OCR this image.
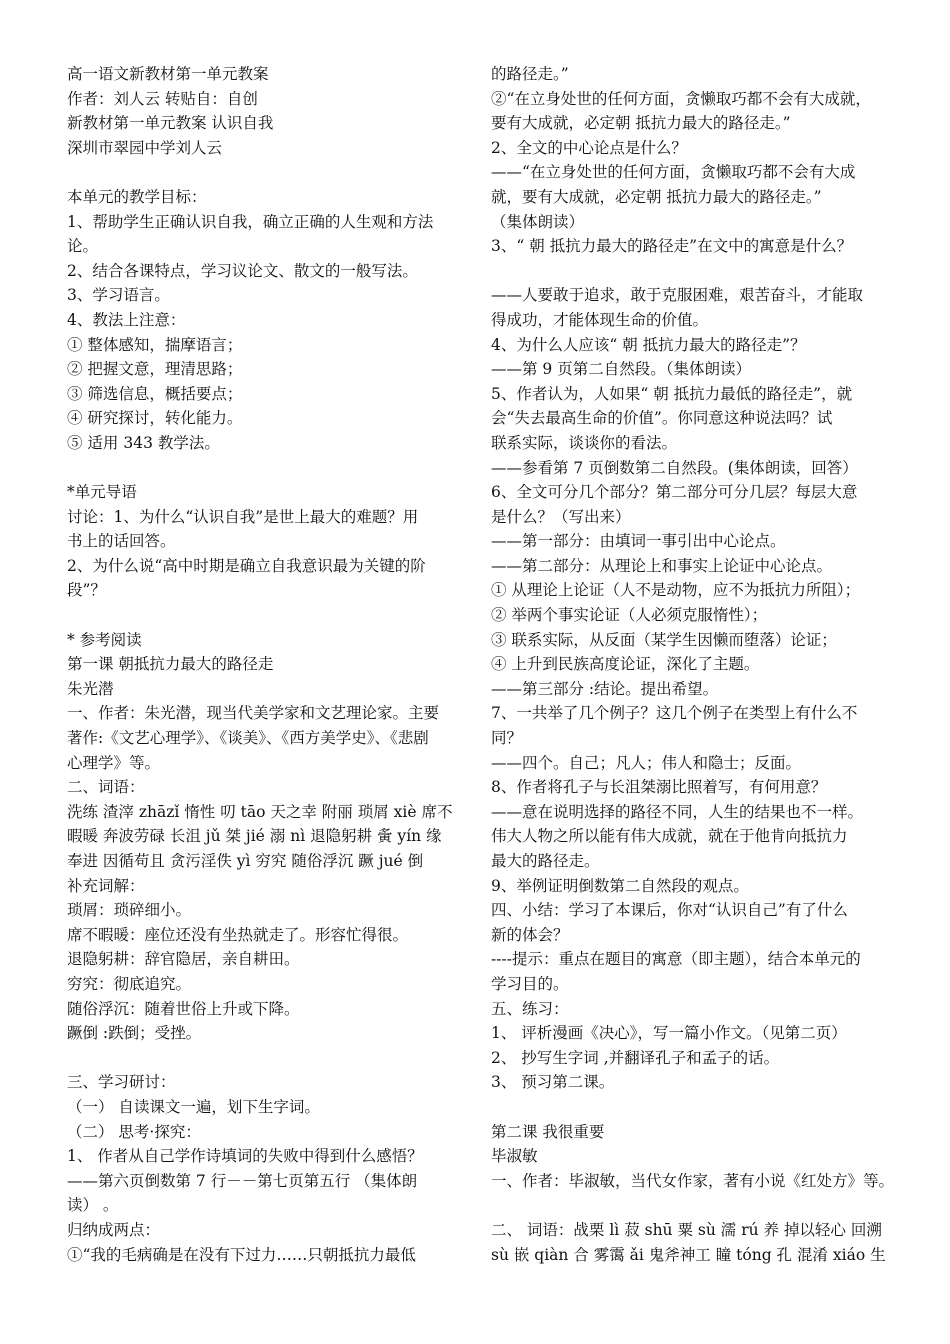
高一语文新教材第一单元教案
作者：刘人云 转贴自：自创
新教材第一单元教案 认识自我
深圳市翠园中学刘人云
本单元的教学目标：
1、帮助学生正确认识自我，确立正确的人生观和方法
论。
2、结合各课特点，学习议论文、散文的一般写法。
3、学习语言。
4、教法上注意：
① 整体感知，揣摩语言；
② 把握文意，理清思路；
③ 筛选信息，概括要点；
④ 研究探讨，转化能力。
⑤ 适用 343 教学法。
*单元导语
讨论：1、为什么“认识自我”是世上最大的难题？用
书上的话回答。
2、为什么说“高中时期是确立自我意识最为关键的阶
段”？
* 参考阅读
第一课 朝抵抗力最大的路径走
朱光潜
一、作者：朱光潜，现当代美学家和文艺理论家。主要
著作:《文艺心理学》、《谈美》、《西方美学史》、《悲剧
心理学》等。
二、词语：
洗练 渣滓 zhāzǐ 惰性 叨 tāo 天之幸 附丽 琐屑 xiè 席不
暇暖 奔波劳碌 长沮 jǔ 桀 jié 溺 nì 退隐躬耕 夤 yín 缘
奉进 因循苟且 贪污淫佚 yì 穷究 随俗浮沉 蹶 jué 倒
补充词解：
琐屑：琐碎细小。
席不暇暖：座位还没有坐热就走了。形容忙得很。
退隐躬耕：辞官隐居，亲自耕田。
穷究：彻底追究。
随俗浮沉：随着世俗上升或下降。
蹶倒 :跌倒；受挫。
三、学习研讨：
（一） 自读课文一遍，划下生字词。
（二） 思考·探究：
1、 作者从自己学作诗填词的失败中得到什么感悟？
——第六页倒数第 7 行－－第七页第五行 （集体朗
读） 。
归纳成两点：
①“我的毛病确是在没有下过力……只朝抵抗力最低
的路径走。”
②“在立身处世的任何方面，贪懒取巧都不会有大成就，
要有大成就，必定朝 抵抗力最大的路径走。”
2、全文的中心论点是什么？
——“在立身处世的任何方面，贪懒取巧都不会有大成
就，要有大成就，必定朝 抵抗力最大的路径走。”
（集体朗读）
3、“ 朝 抵抗力最大的路径走”在文中的寓意是什么？
——人要敢于追求，敢于克服困难，艰苦奋斗，才能取
得成功，才能体现生命的价值。
4、为什么人应该“ 朝 抵抗力最大的路径走”？
——第 9 页第二自然段。（集体朗读）
5、作者认为，人如果“ 朝 抵抗力最低的路径走”，就
会“失去最高生命的价值”。你同意这种说法吗？试
联系实际，谈谈你的看法。
——参看第 7 页倒数第二自然段。(集体朗读，回答）
6、全文可分几个部分？第二部分可分几层？每层大意
是什么？（写出来）
——第一部分：由填词一事引出中心论点。
——第二部分：从理论上和事实上论证中心论点。
① 从理论上论证（人不是动物，应不为抵抗力所阻）；
② 举两个事实论证（人必须克服惰性）；
③ 联系实际，从反面（某学生因懒而堕落）论证；
④ 上升到民族高度论证，深化了主题。
——第三部分 :结论。提出希望。
7、一共举了几个例子？这几个例子在类型上有什么不
同？
——四个。自己；凡人；伟人和隐士；反面。
8、作者将孔子与长沮桀溺比照着写，有何用意？
——意在说明选择的路径不同，人生的结果也不一样。
伟大人物之所以能有伟大成就，就在于他肯向抵抗力
最大的路径走。
9、举例证明倒数第二自然段的观点。
四、小结：学习了本课后，你对“认识自己”有了什么
新的体会？
----提示：重点在题目的寓意（即主题），结合本单元的
学习目的。
五、练习：
1、 评析漫画《决心》，写一篇小作文。（见第二页）
2、 抄写生字词 ,并翻译孔子和孟子的话。
3、 预习第二课。
第二课 我很重要
毕淑敏
一、作者：毕淑敏，当代女作家，著有小说《红处方》等。
二、 词语：战栗 lì 菽 shū 粟 sù 濡 rú 养 掉以轻心 回溯
sù 嵌 qiàn 合 雾霭 ǎi 鬼斧神工 瞳 tóng 孔 混淆 xiáo 生
